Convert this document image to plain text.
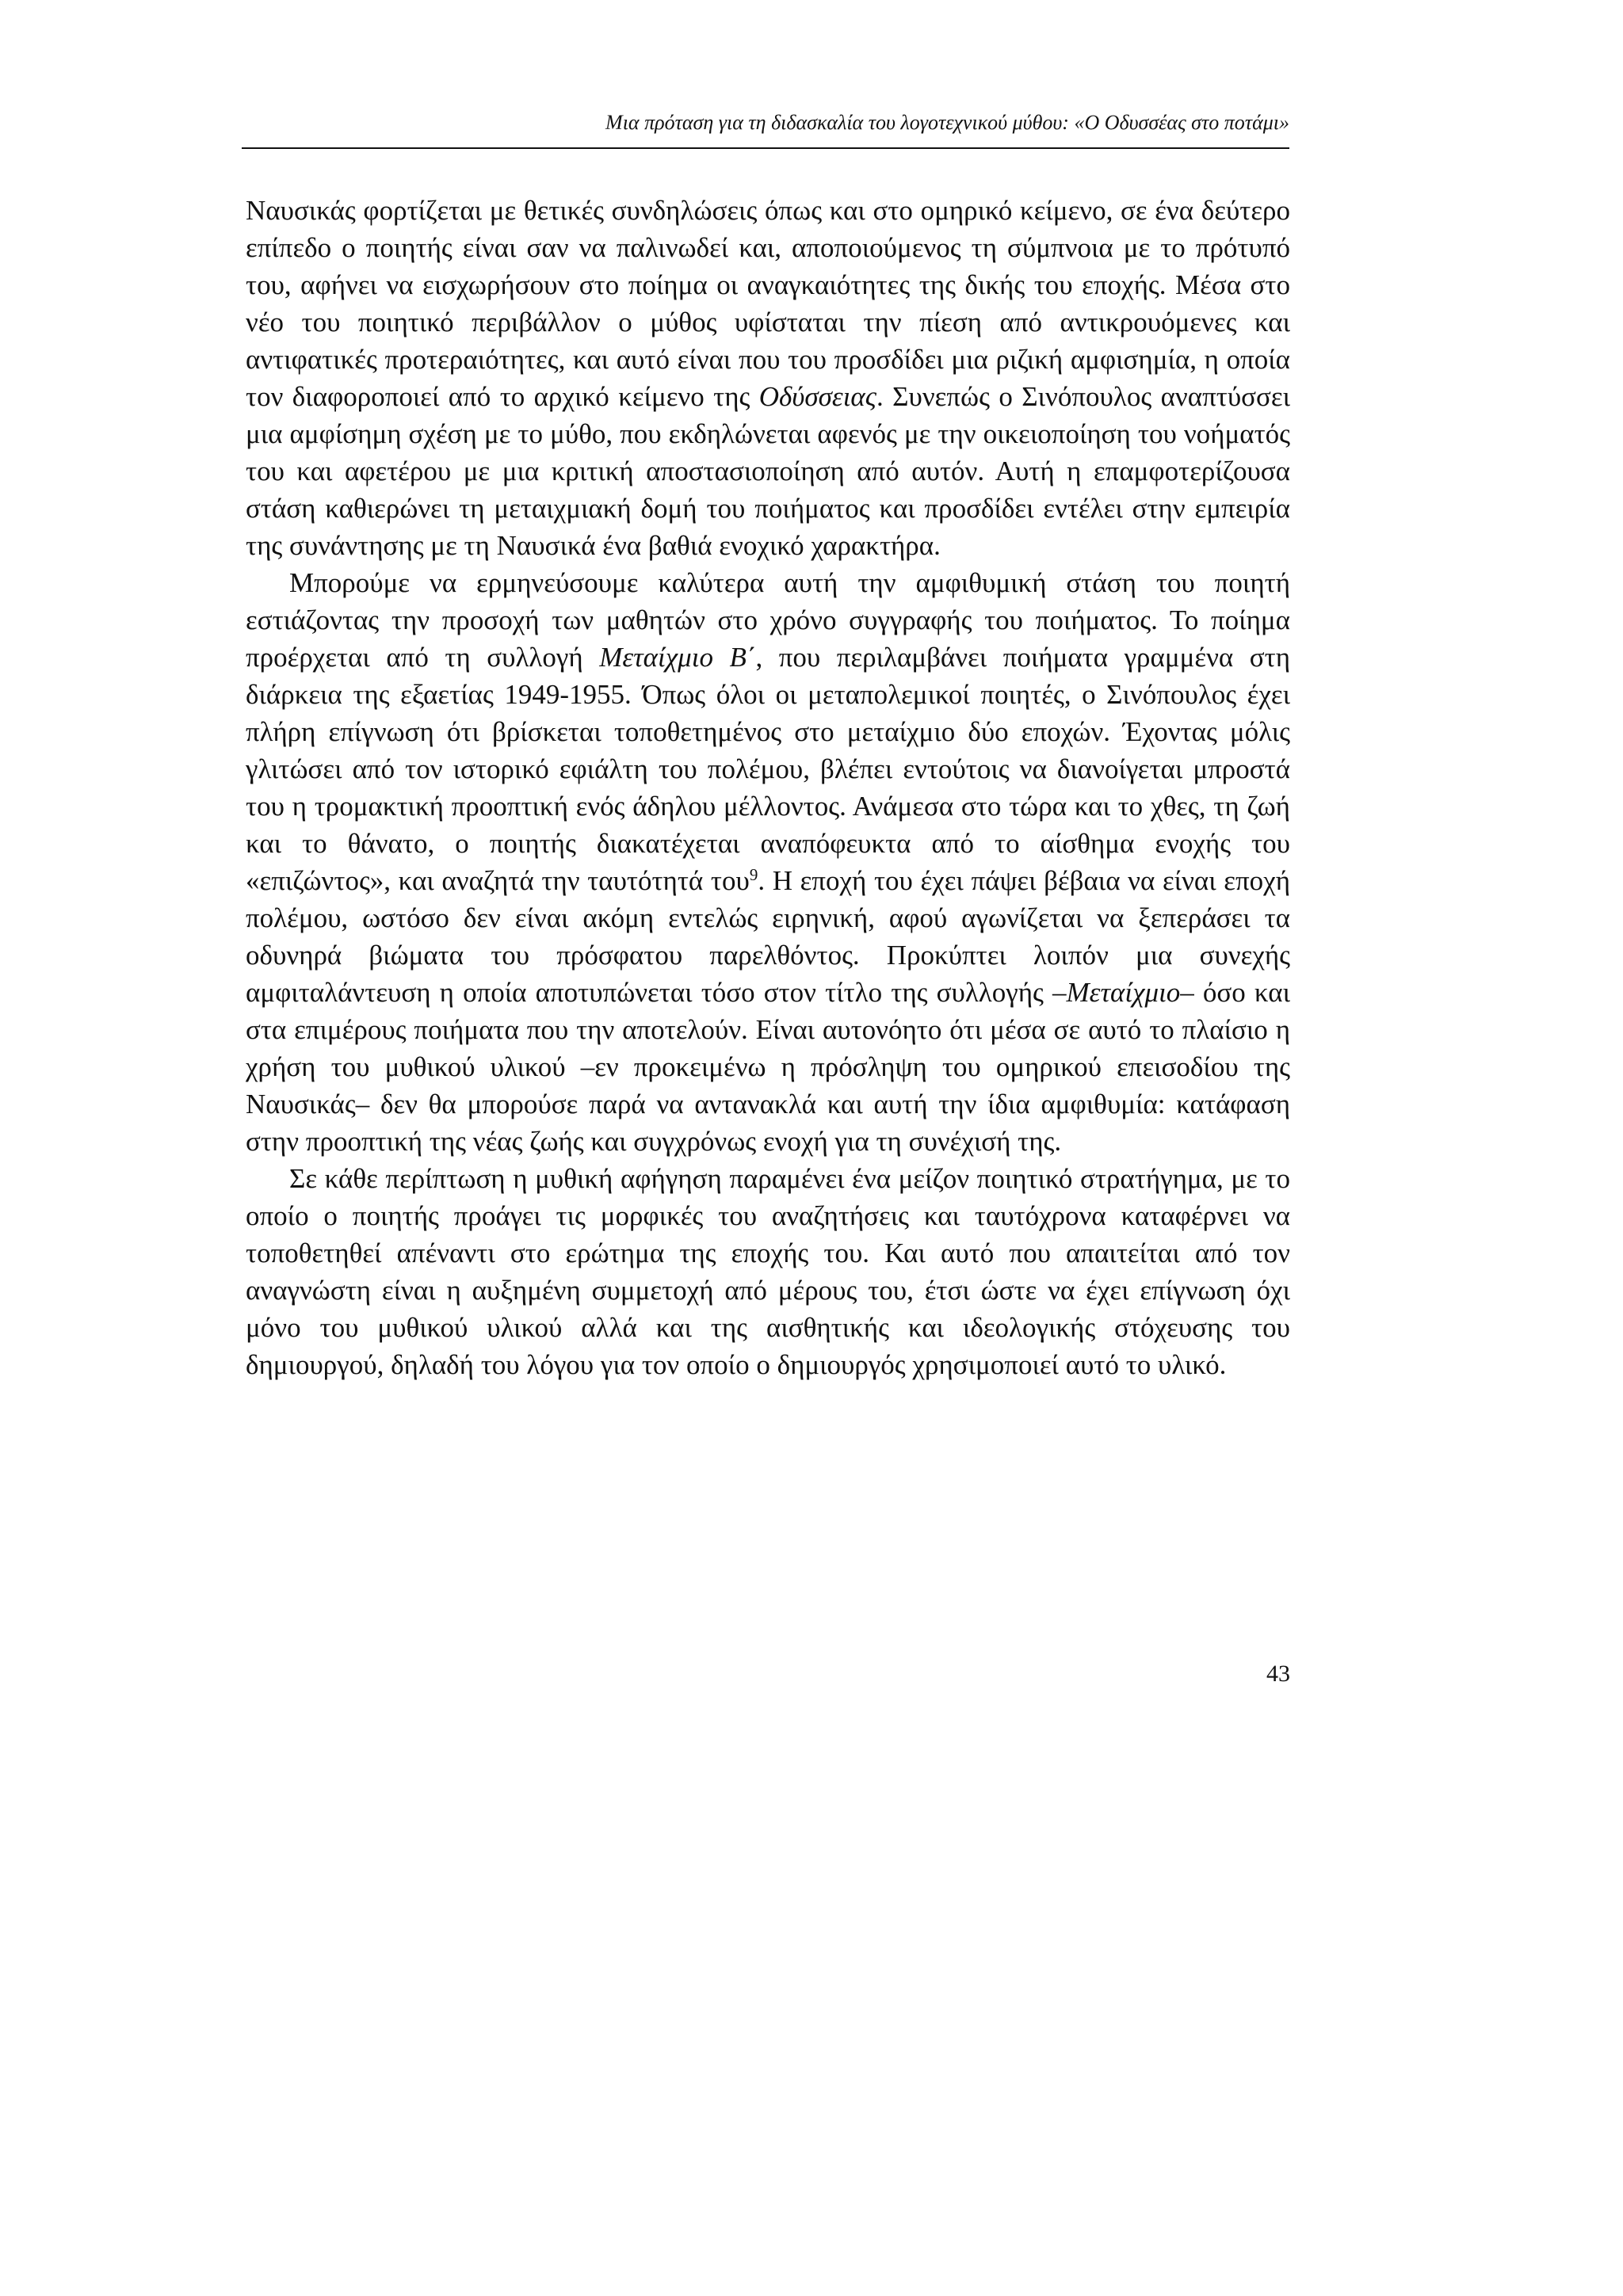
Μια πρόταση για τη διδασκαλία του λογοτεχνικού μύθου: «Ο Οδυσσέας στο ποτάμι»

Ναυσικάς φορτίζεται με θετικές συνδηλώσεις όπως και στο ομηρικό κείμενο, σε ένα δεύτερο επίπεδο ο ποιητής είναι σαν να παλινωδεί και, αποποιούμενος τη σύμπνοια με το πρότυπό του, αφήνει να εισχωρήσουν στο ποίημα οι αναγκαιότητες της δικής του εποχής. Μέσα στο νέο του ποιητικό περιβάλλον ο μύθος υφίσταται την πίεση από αντικρουόμενες και αντιφατικές προτεραιότητες, και αυτό είναι που του προσδίδει μια ριζική αμφισημία, η οποία τον διαφοροποιεί από το αρχικό κείμενο της Οδύσσειας. Συνεπώς ο Σινόπουλος αναπτύσσει μια αμφίσημη σχέση με το μύθο, που εκδηλώνεται αφενός με την οικειοποίηση του νοήματός του και αφετέρου με μια κριτική αποστασιοποίηση από αυτόν. Αυτή η επαμφοτερίζουσα στάση καθιερώνει τη μεταιχμιακή δομή του ποιήματος και προσδίδει εντέλει στην εμπειρία της συνάντησης με τη Ναυσικά ένα βαθιά ενοχικό χαρακτήρα.

Μπορούμε να ερμηνεύσουμε καλύτερα αυτή την αμφιθυμική στάση του ποιητή εστιάζοντας την προσοχή των μαθητών στο χρόνο συγγραφής του ποιήματος. Το ποίημα προέρχεται από τη συλλογή Μεταίχμιο Β΄, που περιλαμβάνει ποιήματα γραμμένα στη διάρκεια της εξαετίας 1949-1955. Όπως όλοι οι μεταπολεμικοί ποιητές, ο Σινόπουλος έχει πλήρη επίγνωση ότι βρίσκεται τοποθετημένος στο μεταίχμιο δύο εποχών. Έχοντας μόλις γλιτώσει από τον ιστορικό εφιάλτη του πολέμου, βλέπει εντούτοις να διανοίγεται μπροστά του η τρομακτική προοπτική ενός άδηλου μέλλοντος. Ανάμεσα στο τώρα και το χθες, τη ζωή και το θάνατο, ο ποιητής διακατέχεται αναπόφευκτα από το αίσθημα ενοχής του «επιζώντος», και αναζητά την ταυτότητά του$^9$. Η εποχή του έχει πάψει βέβαια να είναι εποχή πολέμου, ωστόσο δεν είναι ακόμη εντελώς ειρηνική, αφού αγωνίζεται να ξεπεράσει τα οδυνηρά βιώματα του πρόσφατου παρελθόντος. Προκύπτει λοιπόν μια συνεχής αμφιταλάντευση η οποία αποτυπώνεται τόσο στον τίτλο της συλλογής –Μεταίχμιο– όσο και στα επιμέρους ποιήματα που την αποτελούν. Είναι αυτονόητο ότι μέσα σε αυτό το πλαίσιο η χρήση του μυθικού υλικού –εν προκειμένω η πρόσληψη του ομηρικού επεισοδίου της Ναυσικάς– δεν θα μπορούσε παρά να αντανακλά και αυτή την ίδια αμφιθυμία: κατάφαση στην προοπτική της νέας ζωής και συγχρόνως ενοχή για τη συνέχισή της.

Σε κάθε περίπτωση η μυθική αφήγηση παραμένει ένα μείζον ποιητικό στρατήγημα, με το οποίο ο ποιητής προάγει τις μορφικές του αναζητήσεις και ταυτόχρονα καταφέρνει να τοποθετηθεί απέναντι στο ερώτημα της εποχής του. Και αυτό που απαιτείται από τον αναγνώστη είναι η αυξημένη συμμετοχή από μέρους του, έτσι ώστε να έχει επίγνωση όχι μόνο του μυθικού υλικού αλλά και της αισθητικής και ιδεολογικής στόχευσης του δημιουργού, δηλαδή του λόγου για τον οποίο ο δημιουργός χρησιμοποιεί αυτό το υλικό.

43
